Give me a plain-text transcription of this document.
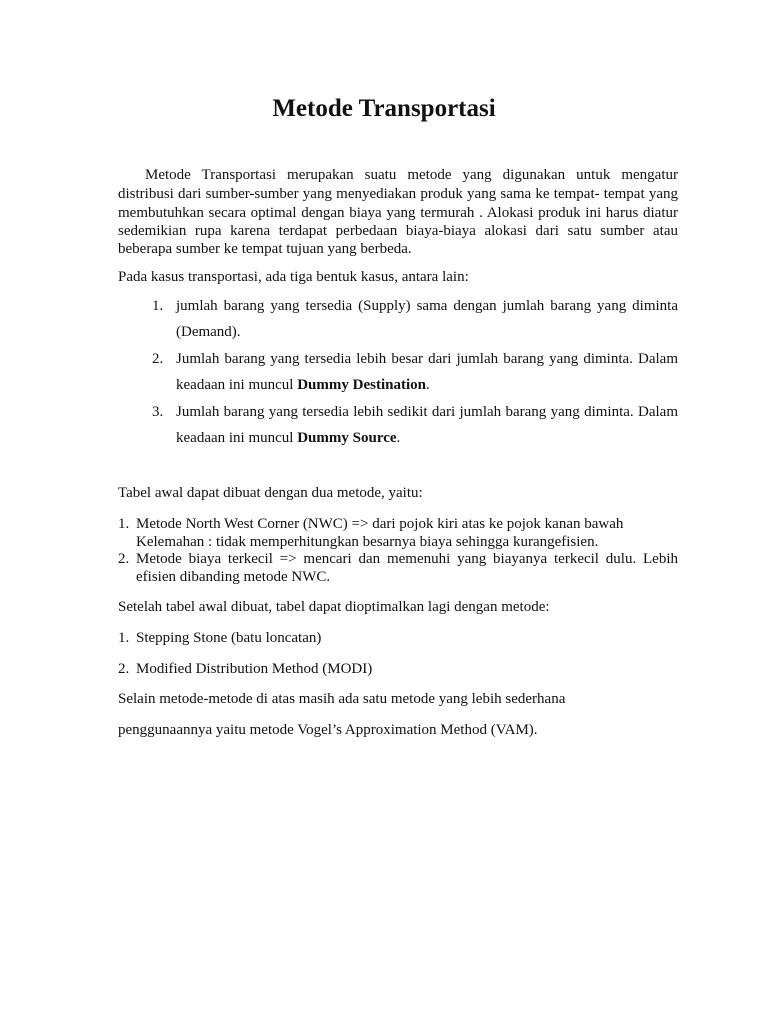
Metode Transportasi
Metode Transportasi merupakan suatu metode yang digunakan untuk mengatur
distribusi dari sumber-sumber yang menyediakan produk yang sama ke tempat- tempat yang
membutuhkan secara optimal dengan biaya yang termurah . Alokasi produk ini harus diatur
sedemikian rupa karena terdapat perbedaan biaya-biaya alokasi dari satu sumber atau
beberapa sumber ke tempat tujuan yang berbeda.
Pada kasus transportasi, ada tiga bentuk kasus, antara lain:
1. jumlah barang yang tersedia (Supply) sama dengan jumlah barang yang diminta
(Demand).
2. Jumlah barang yang tersedia lebih besar dari jumlah barang yang diminta. Dalam
keadaan ini muncul Dummy Destination.
3. Jumlah barang yang tersedia lebih sedikit dari jumlah barang yang diminta. Dalam
keadaan ini muncul Dummy Source.
Tabel awal dapat dibuat dengan dua metode, yaitu:
1. Metode North West Corner (NWC) => dari pojok kiri atas ke pojok kanan bawah
Kelemahan : tidak memperhitungkan besarnya biaya sehingga kurangefisien.
2. Metode biaya terkecil => mencari dan memenuhi yang biayanya terkecil dulu. Lebih
efisien dibanding metode NWC.
Setelah tabel awal dibuat, tabel dapat dioptimalkan lagi dengan metode:
1. Stepping Stone (batu loncatan)
2. Modified Distribution Method (MODI)
Selain metode-metode di atas masih ada satu metode yang lebih sederhana
penggunaannya yaitu metode Vogel’s Approximation Method (VAM).
